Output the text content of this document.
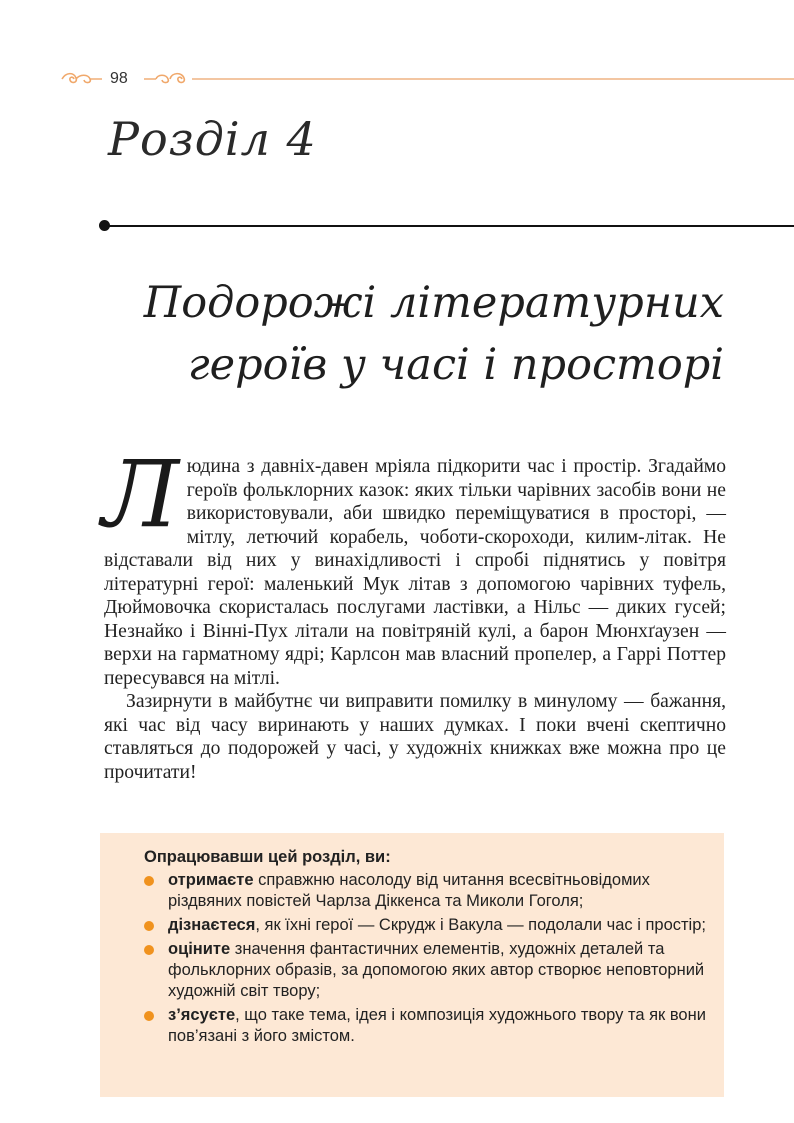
98
Розділ 4
Подорожі літературних
героїв у часі і просторі

Людина з давніх-давен мріяла підкорити час і простір. Згадаймо героїв фольклорних казок: яких тільки чарівних засобів вони не використовували, аби швидко переміщуватися в просторі, — мітлу, летючий корабель, чоботи-скороходи, килим-літак. Не відставали від них у винахідливості і спробі піднятись у повітря літературні герої: маленький Мук літав з допомогою чарівних туфель, Дюймовочка скористалась послугами ластівки, а Нільс — диких гусей; Незнайко і Вінні-Пух літали на повітряній кулі, а барон Мюнхґаузен — верхи на гарматному ядрі; Карлсон мав власний пропелер, а Гаррі Поттер пересувався на мітлі.

Зазирнути в майбутнє чи виправити помилку в минулому — бажання, які час від часу виринають у наших думках. І поки вчені скептично ставляться до подорожей у часі, у художніх книжках вже можна про це прочитати!

Опрацювавши цей розділ, ви:
отримаєте справжню насолоду від читання всесвітньовідомих різдвяних повістей Чарлза Діккенса та Миколи Гоголя;
дізнаєтеся, як їхні герої — Скрудж і Вакула — подолали час і простір;
оціните значення фантастичних елементів, художніх деталей та фольклорних образів, за допомогою яких автор створює неповторний художній світ твору;
з’ясуєте, що таке тема, ідея і композиція художнього твору та як вони пов’язані з його змістом.
